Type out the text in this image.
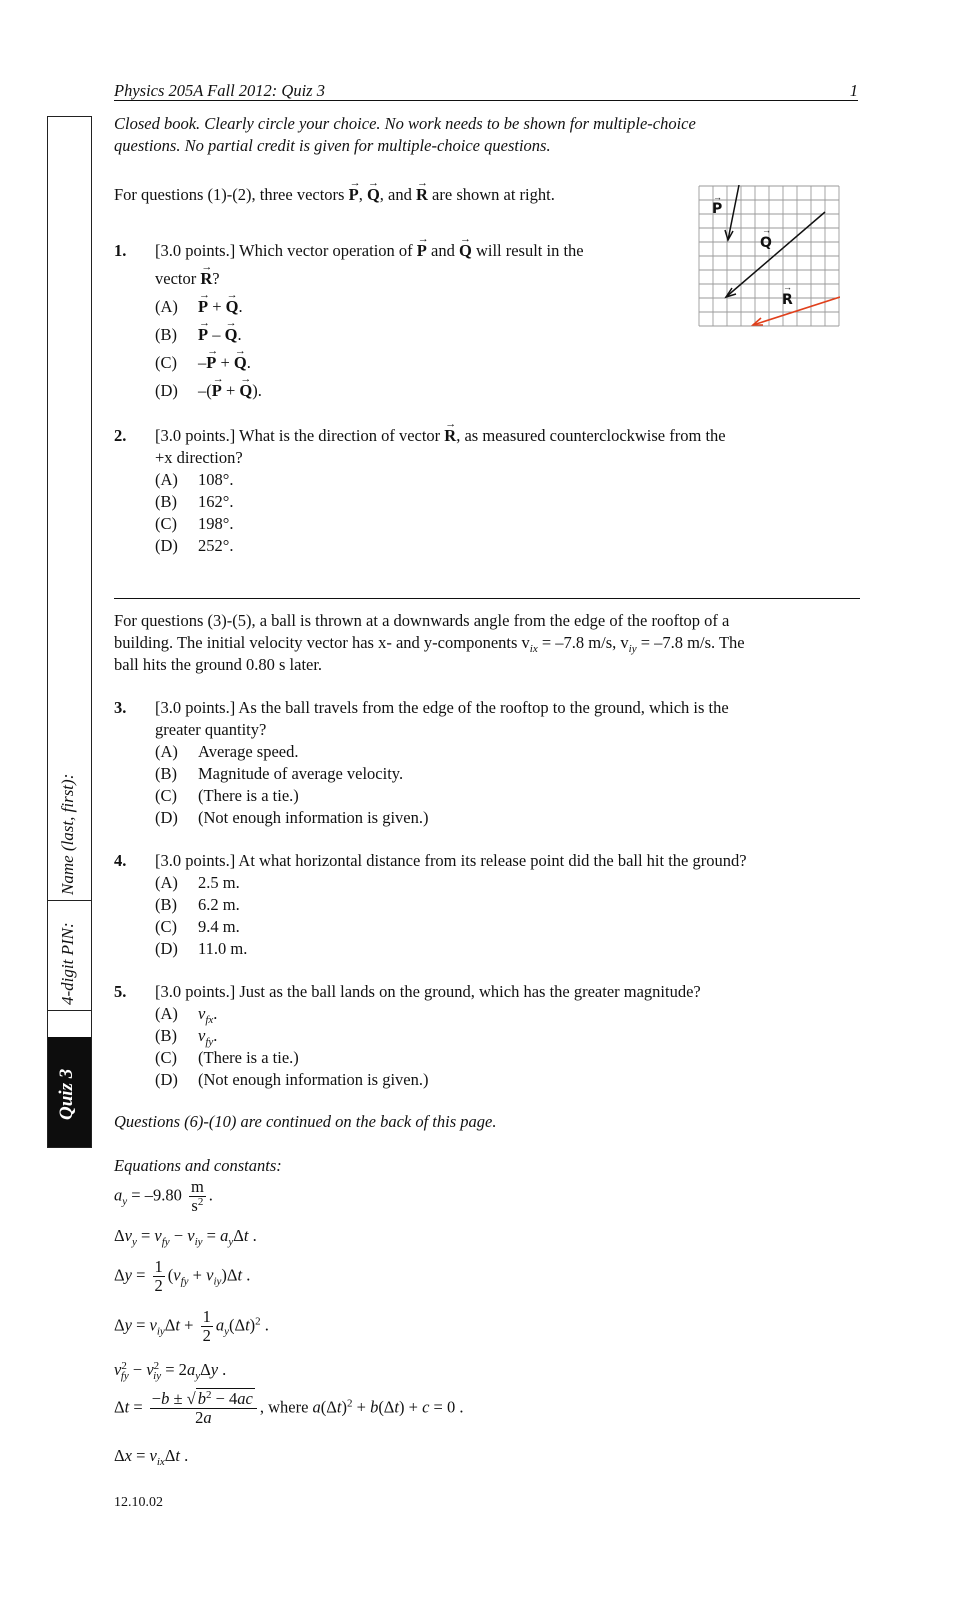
Physics 205A Fall 2012: Quiz 3	1
Closed book. Clearly circle your choice. No work needs to be shown for multiple-choice
questions. No partial credit is given for multiple-choice questions.
For questions (1)-(2), three vectors → P, → Q, and → R are shown at right.
P
Q
R
→
→
→
1. [3.0 points.] Which vector operation of → P and → Q will result in the
vector → R?
(A) → P + → Q.
(B) → P – → Q.
(C) –→ P + → Q.
(D) –(→ P + → Q).
2. [3.0 points.] What is the direction of vector → R, as measured counterclockwise from the
+x direction?
(A) 108°.
(B) 162°.
(C) 198°.
(D) 252°.
For questions (3)-(5), a ball is thrown at a downwards angle from the edge of the rooftop of a
building. The initial velocity vector has x- and y-components $v_{ix} = -7.8$ m/s, $v_{iy} = -7.8$ m/s. The
ball hits the ground 0.80 s later.
3. [3.0 points.] As the ball travels from the edge of the rooftop to the ground, which is the
greater quantity?
(A) Average speed.
(B) Magnitude of average velocity.
(C) (There is a tie.)
(D) (Not enough information is given.)
4. [3.0 points.] At what horizontal distance from its release point did the ball hit the ground?
(A) 2.5 m.
(B) 6.2 m.
(C) 9.4 m.
(D) 11.0 m.
5. [3.0 points.] Just as the ball lands on the ground, which has the greater magnitude?
(A) $v_{fx}$.
(B) $v_{fy}$.
(C) (There is a tie.)
(D) (Not enough information is given.)
Questions (6)-(10) are continued on the back of this page.
Equations and constants:
$a_y = -9.80 \frac{m}{s^2}$ .
$\Delta v_y = v_{fy} - v_{iy} = a_y\Delta t$ .
$\Delta y = \frac{1}{2} (v_{fy} + v_{iy})\Delta t$ .
$\Delta y = v_{iy}\Delta t + \frac{1}{2} a_y(\Delta t)^2$ .
$v^2_{fy} - v^2_{iy} = 2a_y\Delta y$ .
$\Delta t = \frac{-b \pm √ b^2 - 4ac}{2a}$ , where $a(\Delta t)^2 + b(\Delta t) + c = 0$ .
$\Delta x = v_{ix}\Delta t$ .
12.10.02
Name (last, first):
4-digit PIN:
Quiz 3
